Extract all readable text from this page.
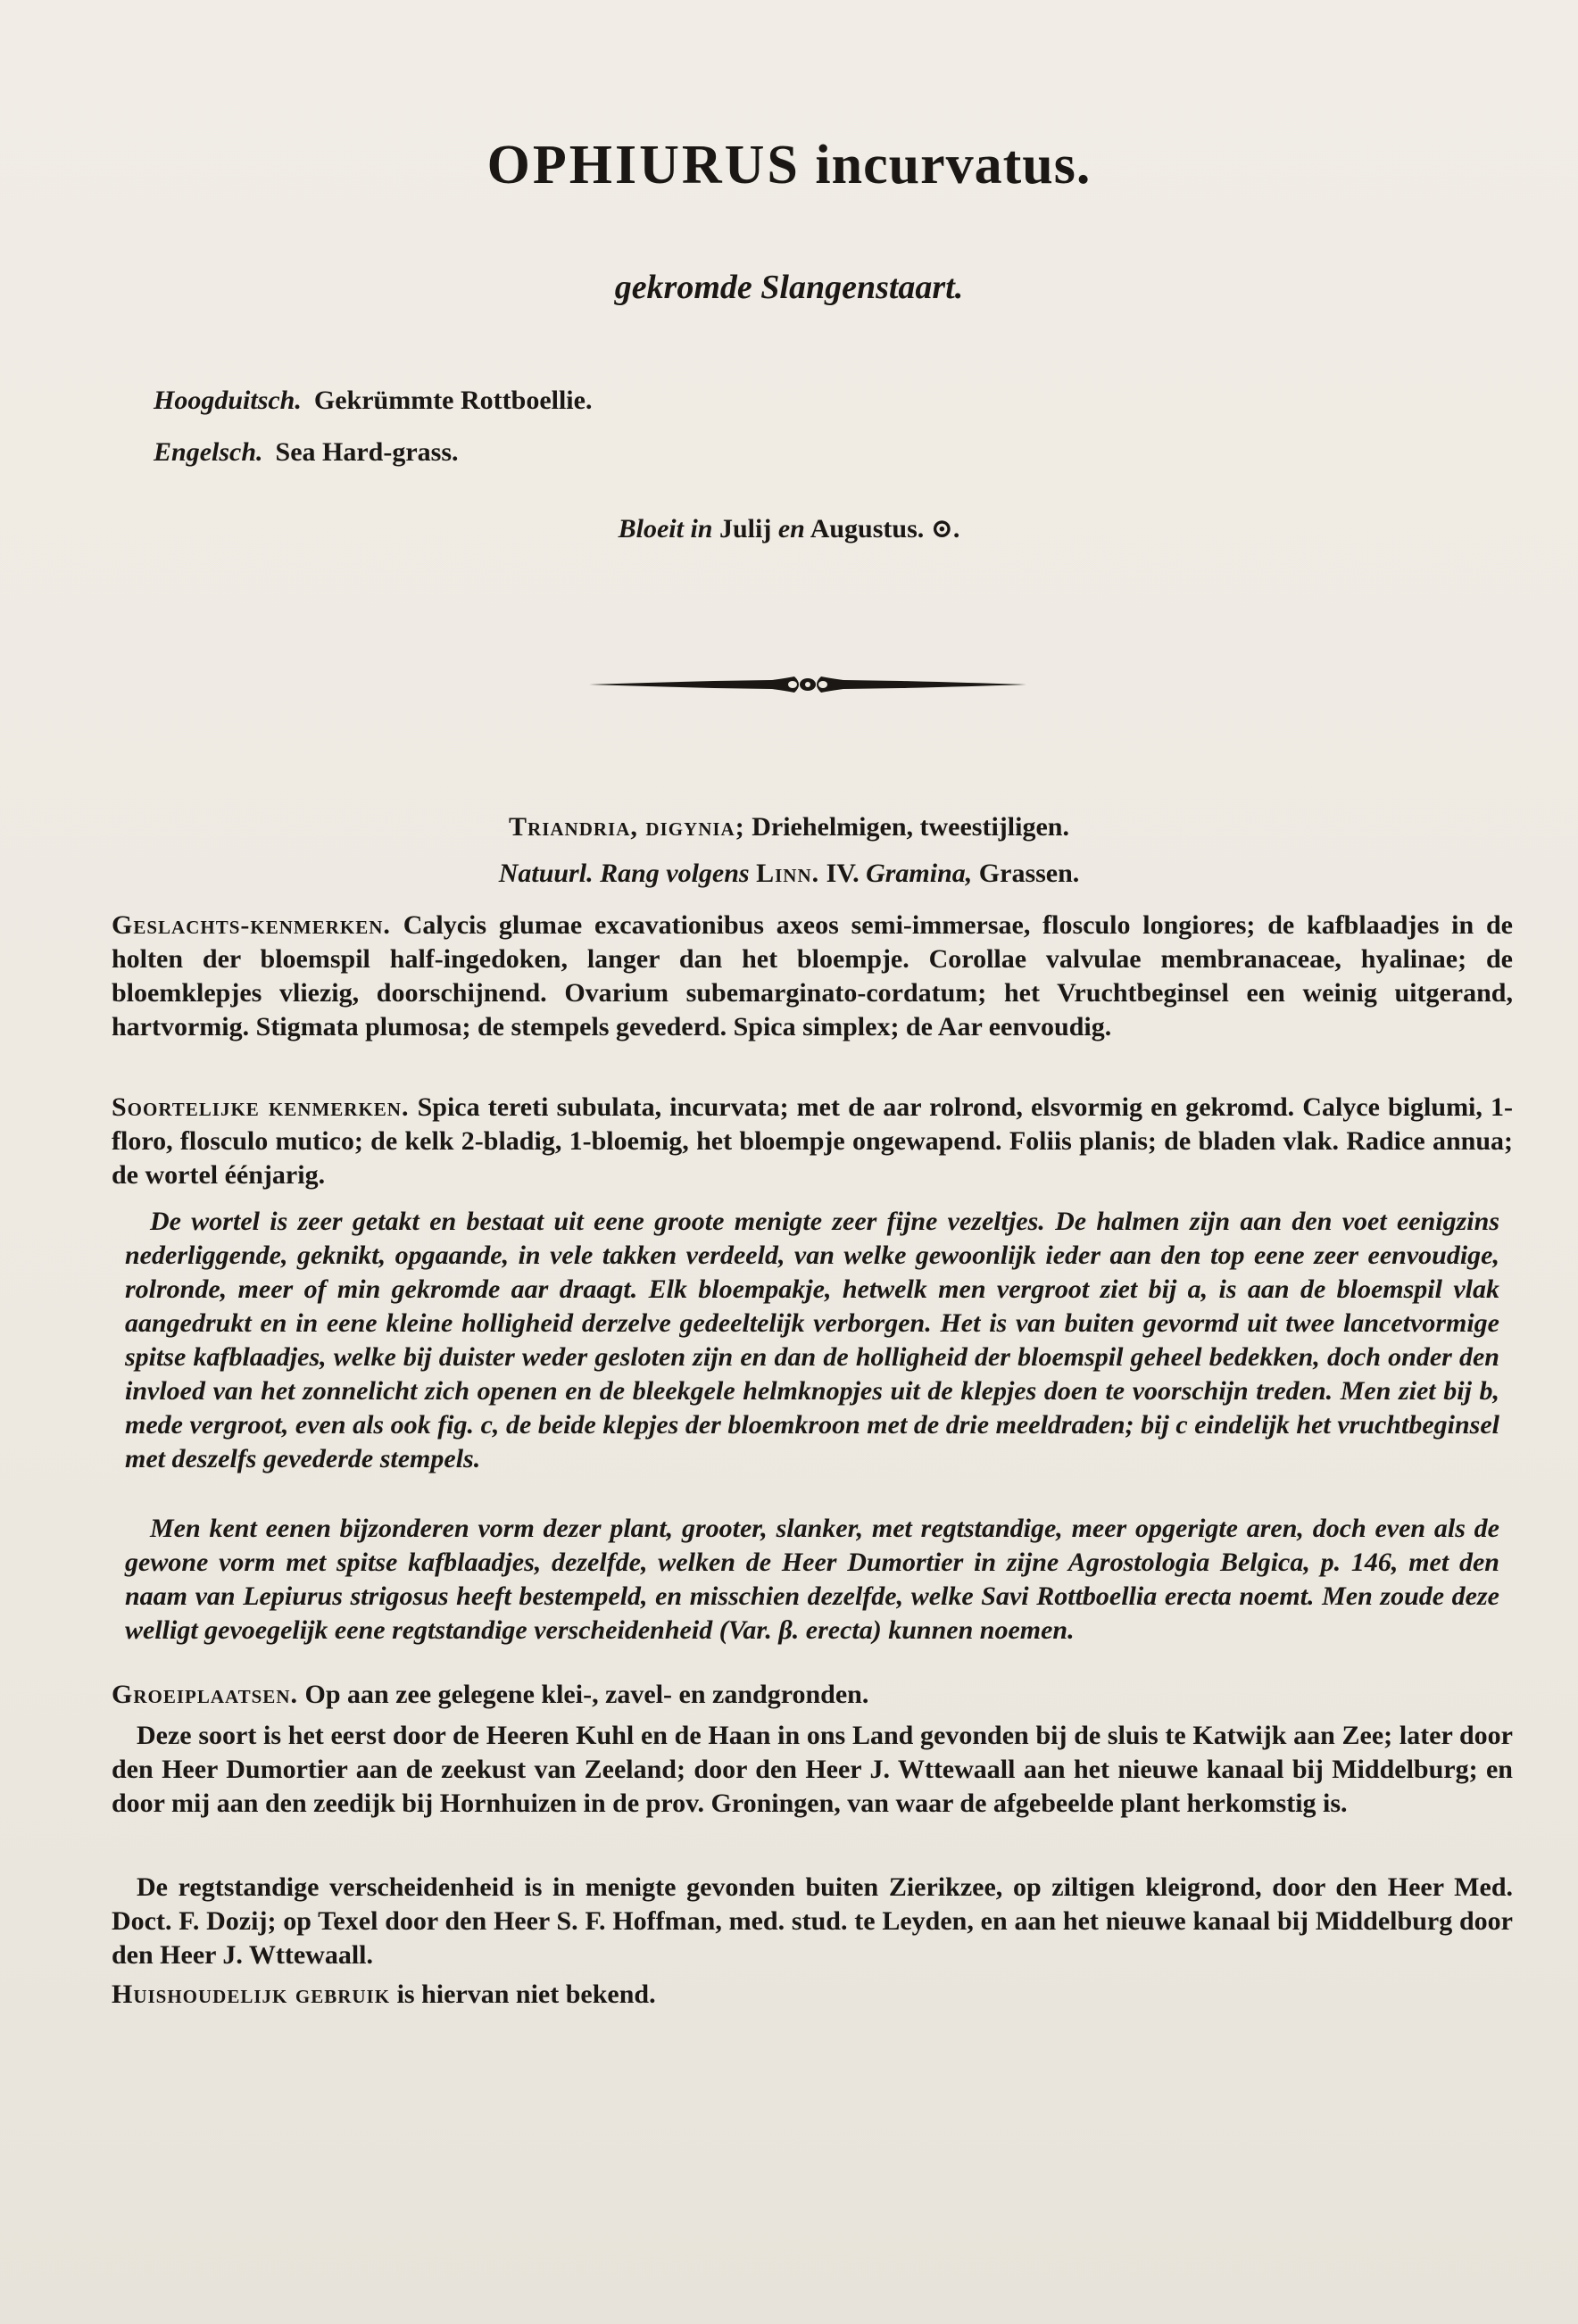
OPHIURUS incurvatus.
gekromde Slangenstaart.
Hoogduitsch. Gekrümmte Rottboellie.
Engelsch. Sea Hard-grass.
Bloeit in Julij en Augustus. ⊙.
Triandria, digynia; Driehelmigen, tweestijligen.
Natuurl. Rang volgens Linn. IV. Gramina, Grassen.

Geslachts-kenmerken. Calycis glumae excavationibus axeos semi-immersae, flosculo longiores; de kafblaadjes in de holten der bloemspil half-ingedoken, langer dan het bloempje. Corollae valvulae membranaceae, hyalinae; de bloemklepjes vliezig, doorschijnend. Ovarium subemarginato-cordatum; het Vruchtbeginsel een weinig uitgerand, hartvormig. Stigmata plumosa; de stempels gevederd. Spica simplex; de Aar eenvoudig.

Soortelijke kenmerken. Spica tereti subulata, incurvata; met de aar rolrond, elsvormig en gekromd. Calyce biglumi, 1-floro, flosculo mutico; de kelk 2-bladig, 1-bloemig, het bloempje ongewapend. Foliis planis; de bladen vlak. Radice annua; de wortel éénjarig.

De wortel is zeer getakt en bestaat uit eene groote menigte zeer fijne vezeltjes. De halmen zijn aan den voet eenigzins nederliggende, geknikt, opgaande, in vele takken verdeeld, van welke gewoonlijk ieder aan den top eene zeer eenvoudige, rolronde, meer of min gekromde aar draagt. Elk bloempakje, hetwelk men vergroot ziet bij a, is aan de bloemspil vlak aangedrukt en in eene kleine holligheid derzelve gedeeltelijk verborgen. Het is van buiten gevormd uit twee lancetvormige spitse kafblaadjes, welke bij duister weder gesloten zijn en dan de holligheid der bloemspil geheel bedekken, doch onder den invloed van het zonnelicht zich openen en de bleekgele helmknopjes uit de klepjes doen te voorschijn treden. Men ziet bij b, mede vergroot, even als ook fig. c, de beide klepjes der bloemkroon met de drie meeldraden; bij c eindelijk het vruchtbeginsel met deszelfs gevederde stempels.
Men kent eenen bijzonderen vorm dezer plant, grooter, slanker, met regtstandige, meer opgerigte aren, doch even als de gewone vorm met spitse kafblaadjes, dezelfde, welken de Heer Dumortier in zijne Agrostologia Belgica, p. 146, met den naam van Lepiurus strigosus heeft bestempeld, en misschien dezelfde, welke Savi Rottboellia erecta noemt. Men zoude deze welligt gevoegelijk eene regtstandige verscheidenheid (Var. β. erecta) kunnen noemen.

Groeiplaatsen. Op aan zee gelegene klei-, zavel- en zandgronden.

Deze soort is het eerst door de Heeren Kuhl en de Haan in ons Land gevonden bij de sluis te Katwijk aan Zee; later door den Heer Dumortier aan de zeekust van Zeeland; door den Heer J. Wttewaall aan het nieuwe kanaal bij Middelburg; en door mij aan den zeedijk bij Hornhuizen in de prov. Groningen, van waar de afgebeelde plant herkomstig is.
De regtstandige verscheidenheid is in menigte gevonden buiten Zierikzee, op ziltigen kleigrond, door den Heer Med. Doct. F. Dozij; op Texel door den Heer S. F. Hoffman, med. stud. te Leyden, en aan het nieuwe kanaal bij Middelburg door den Heer J. Wttewaall.

Huishoudelijk gebruik is hiervan niet bekend.
